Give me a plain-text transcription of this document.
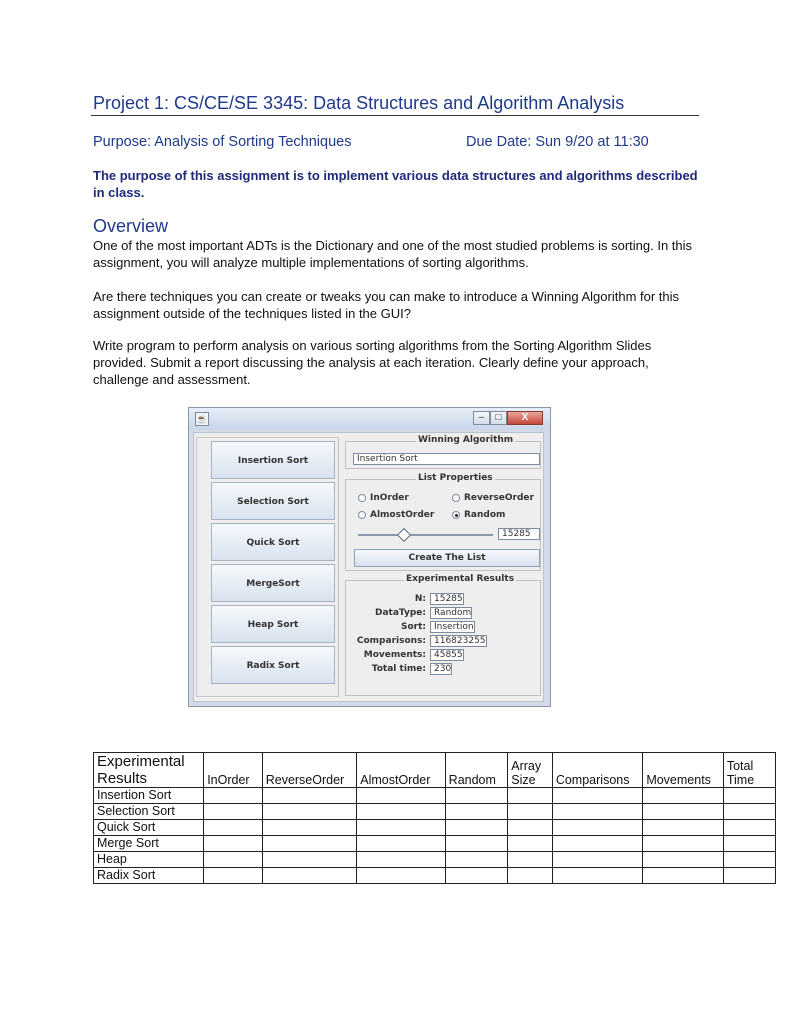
Project 1: CS/CE/SE 3345: Data Structures and Algorithm Analysis
Purpose: Analysis of Sorting Techniques	Due Date: Sun 9/20 at 11:30
The purpose of this assignment is to implement various data structures and algorithms described in class.
Overview
One of the most important ADTs is the Dictionary and one of the most studied problems is sorting. In this assignment, you will analyze multiple implementations of sorting algorithms.
Are there techniques you can create or tweaks you can make to introduce a Winning Algorithm for this assignment outside of the techniques listed in the GUI?
Write program to perform analysis on various sorting algorithms from the Sorting Algorithm Slides provided. Submit a report discussing the analysis at each iteration. Clearly define your approach, challenge and assessment.
☕	–	□	X
Insertion Sort
Selection Sort
Quick Sort
MergeSort
Heap Sort
Radix Sort
Winning Algorithm
Insertion Sort
List Properties
InOrder	ReverseOrder
AlmostOrder	Random
15285
Create The List
Experimental Results
N: 15285
DataType: Random
Sort: Insertion
Comparisons: 116823255
Movements: 45855
Total time: 230
Experimental Results	InOrder	ReverseOrder	AlmostOrder	Random	Array Size	Comparisons	Movements	Total Time
Insertion Sort								
Selection Sort								
Quick Sort								
Merge Sort								
Heap								
Radix Sort								
